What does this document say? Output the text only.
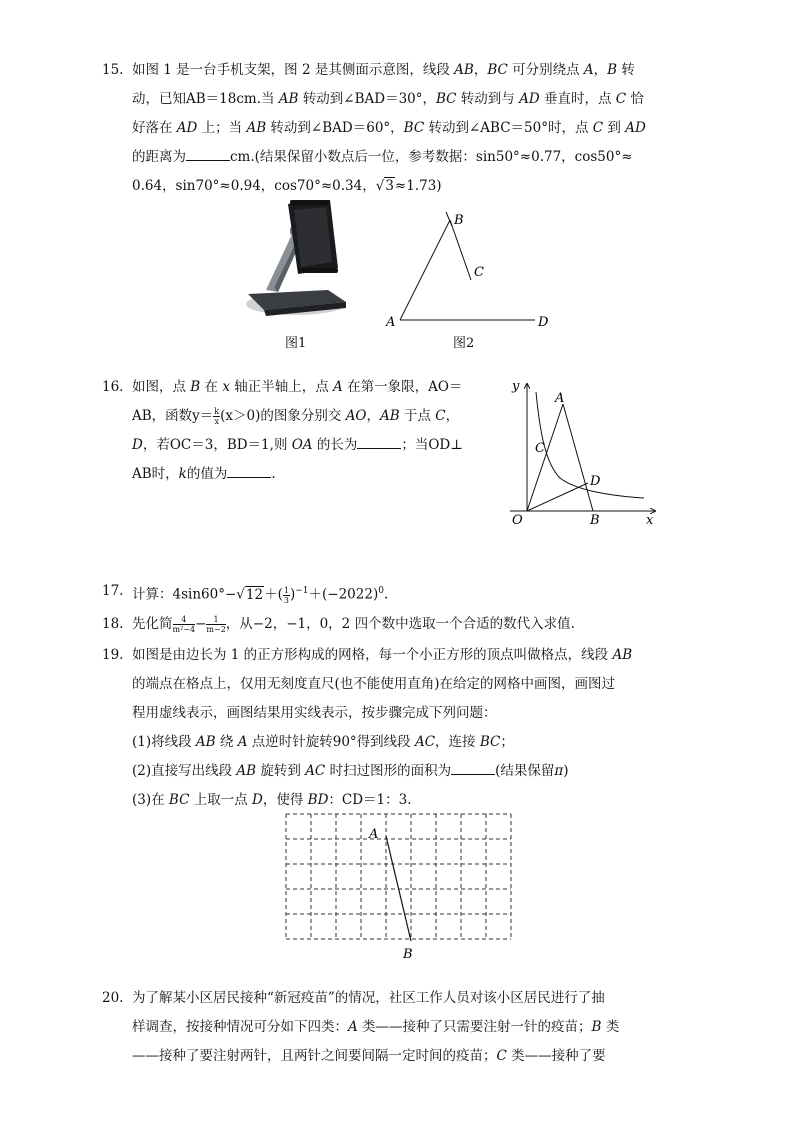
15. 如图 1 是一台手机支架，图 2 是其侧面示意图，线段 AB，BC 可分别绕点 A，B 转
动，已知AB＝18cm.当 AB 转动到∠BAD＝30°，BC 转动到与 AD 垂直时，点 C 恰
好落在 AD 上；当 AB 转动到∠BAD＝60°，BC 转动到∠ABC＝50°时，点 C 到 AD
的距离为	cm.(结果保留小数点后一位，参考数据：sin50°≈0.77，cos50°≈
0.64，sin70°≈0.94，cos70°≈0.34，√3≈1.73)
图1
B
C
A	D
图2
16. 如图，点 B 在 x 轴正半轴上，点 A 在第一象限，AO＝
AB，函数$y= \frac{k}{x} (x>0)$的图象分别交 AO，AB 于点 C，
D，若OC＝3，BD＝1,则 OA 的长为	；当OD⊥
AB时，k的值为	.
y
x
O
A
C
D
B
17. 计算：$4\sin 60^\circ-√12+( \frac{1}{3} )^{-1}+(-2022)^0$.
18. 先化简 $\frac{4}{\text{m²−4}} - \frac{1}{m-2}$ ，从−2，−1，0，2 四个数中选取一个合适的数代入求值.
19. 如图是由边长为 1 的正方形构成的网格，每一个小正方形的顶点叫做格点，线段 AB
的端点在格点上，仅用无刻度直尺(也不能使用直角)在给定的网格中画图，画图过
程用虚线表示，画图结果用实线表示，按步骤完成下列问题：
(1)将线段 AB 绕 A 点逆时针旋转90°得到线段 AC，连接 BC；
(2)直接写出线段 AB 旋转到 AC 时扫过图形的面积为	(结果保留π)
(3)在 BC 上取一点 D，使得 BD：CD＝1：3.
A
B
20. 为了解某小区居民接种“新冠疫苗”的情况，社区工作人员对该小区居民进行了抽
样调查，按接种情况可分如下四类：A 类——接种了只需要注射一针的疫苗；B 类
——接种了要注射两针，且两针之间要间隔一定时间的疫苗；C 类——接种了要
